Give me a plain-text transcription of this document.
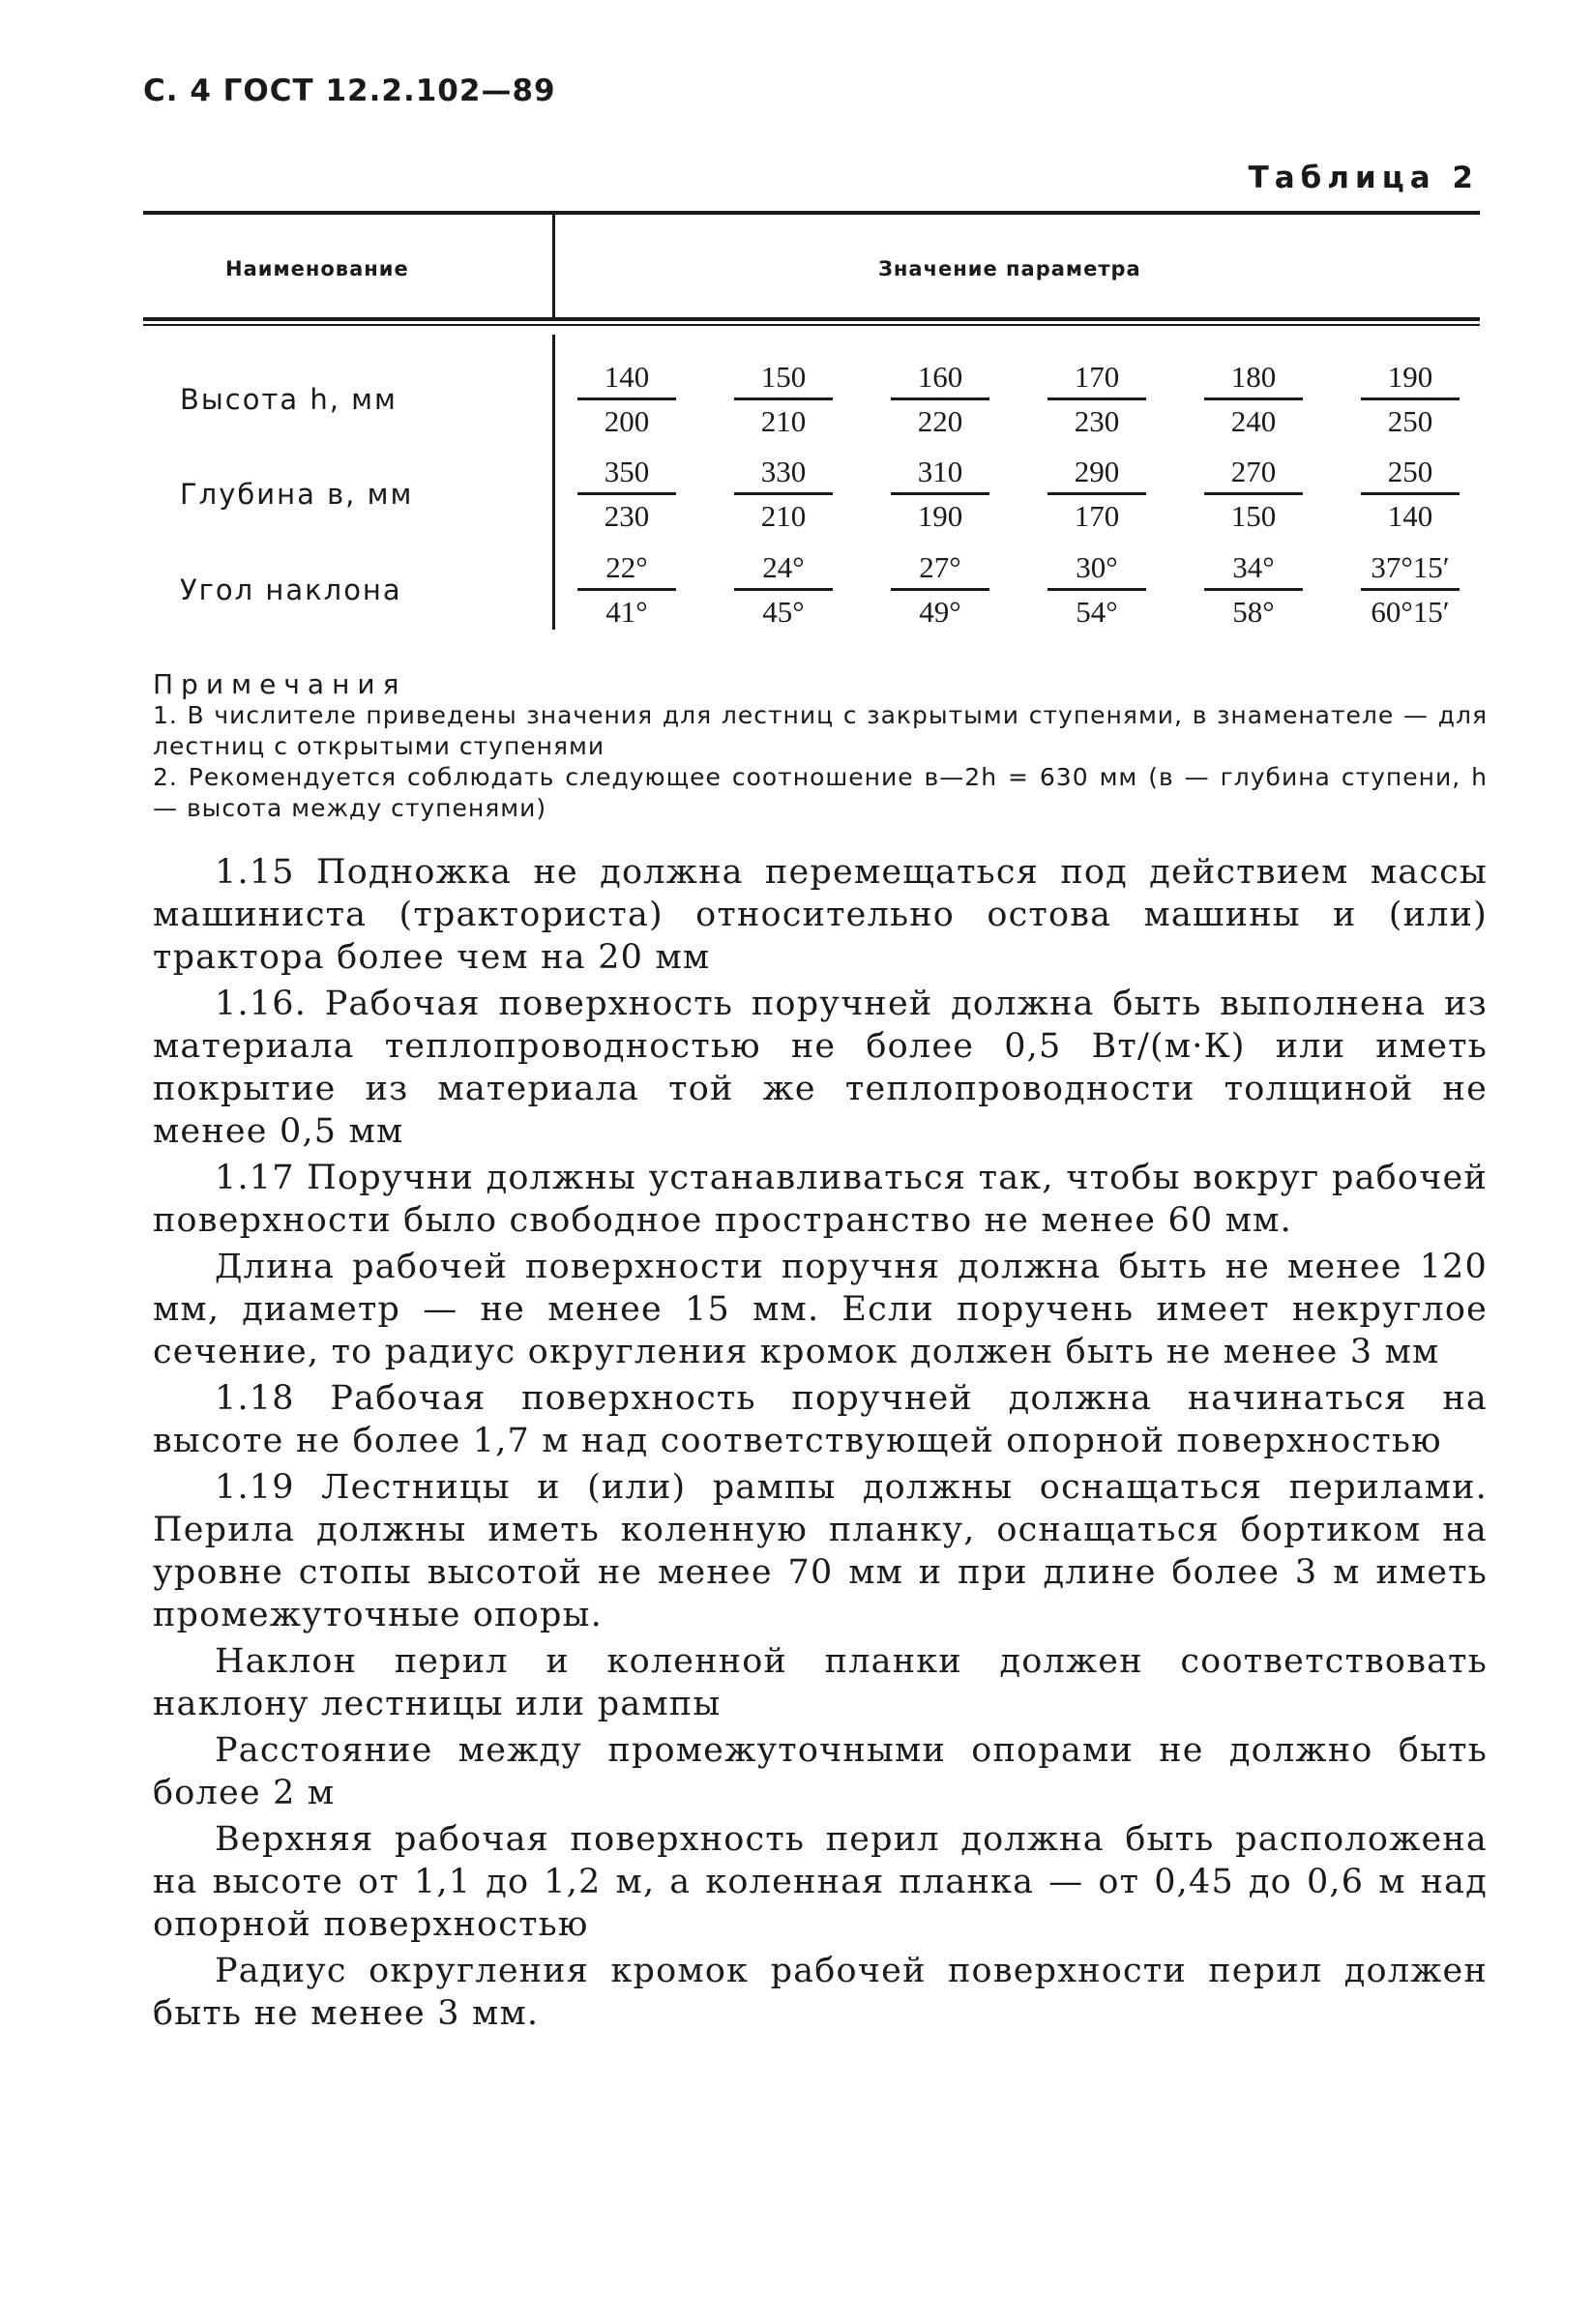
С. 4 ГОСТ 12.2.102—89
Таблица 2
Наименование	Значение параметра
Высота h, мм
Глубина в, мм
Угол наклона
140
200
150
210
160
220
170
230
180
240
190
250
350
230
330
210
310
190
290
170
270
150
250
140
22°
41°
24°
45°
27°
49°
30°
54°
34°
58°
37°15′
60°15′
Примечания

1. В числителе приведены значения для лестниц с закрытыми ступенями, в знаменателе — для лестниц с открытыми ступенями

2. Рекомендуется соблюдать следующее соотношение в—2h = 630 мм (в — глубина ступени, h — высота между ступенями)

1.15 Подножка не должна перемещаться под действием массы машиниста (тракториста) относительно остова машины и (или) трактора более чем на 20 мм

1.16. Рабочая поверхность поручней должна быть выполнена из материала теплопроводностью не более 0,5 Вт/(м·К) или иметь покрытие из материала той же теплопроводности толщиной не менее 0,5 мм

1.17 Поручни должны устанавливаться так, чтобы вокруг рабочей поверхности было свободное пространство не менее 60 мм.

Длина рабочей поверхности поручня должна быть не менее 120 мм, диаметр — не менее 15 мм. Если поручень имеет некруглое сечение, то радиус округления кромок должен быть не менее 3 мм

1.18 Рабочая поверхность поручней должна начинаться на высоте не более 1,7 м над соответствующей опорной поверхностью

1.19 Лестницы и (или) рампы должны оснащаться перилами. Перила должны иметь коленную планку, оснащаться бортиком на уровне стопы высотой не менее 70 мм и при длине более 3 м иметь промежуточные опоры.

Наклон перил и коленной планки должен соответствовать наклону лестницы или рампы

Расстояние между промежуточными опорами не должно быть более 2 м

Верхняя рабочая поверхность перил должна быть расположена на высоте от 1,1 до 1,2 м, а коленная планка — от 0,45 до 0,6 м над опорной поверхностью

Радиус округления кромок рабочей поверхности перил должен быть не менее 3 мм.
